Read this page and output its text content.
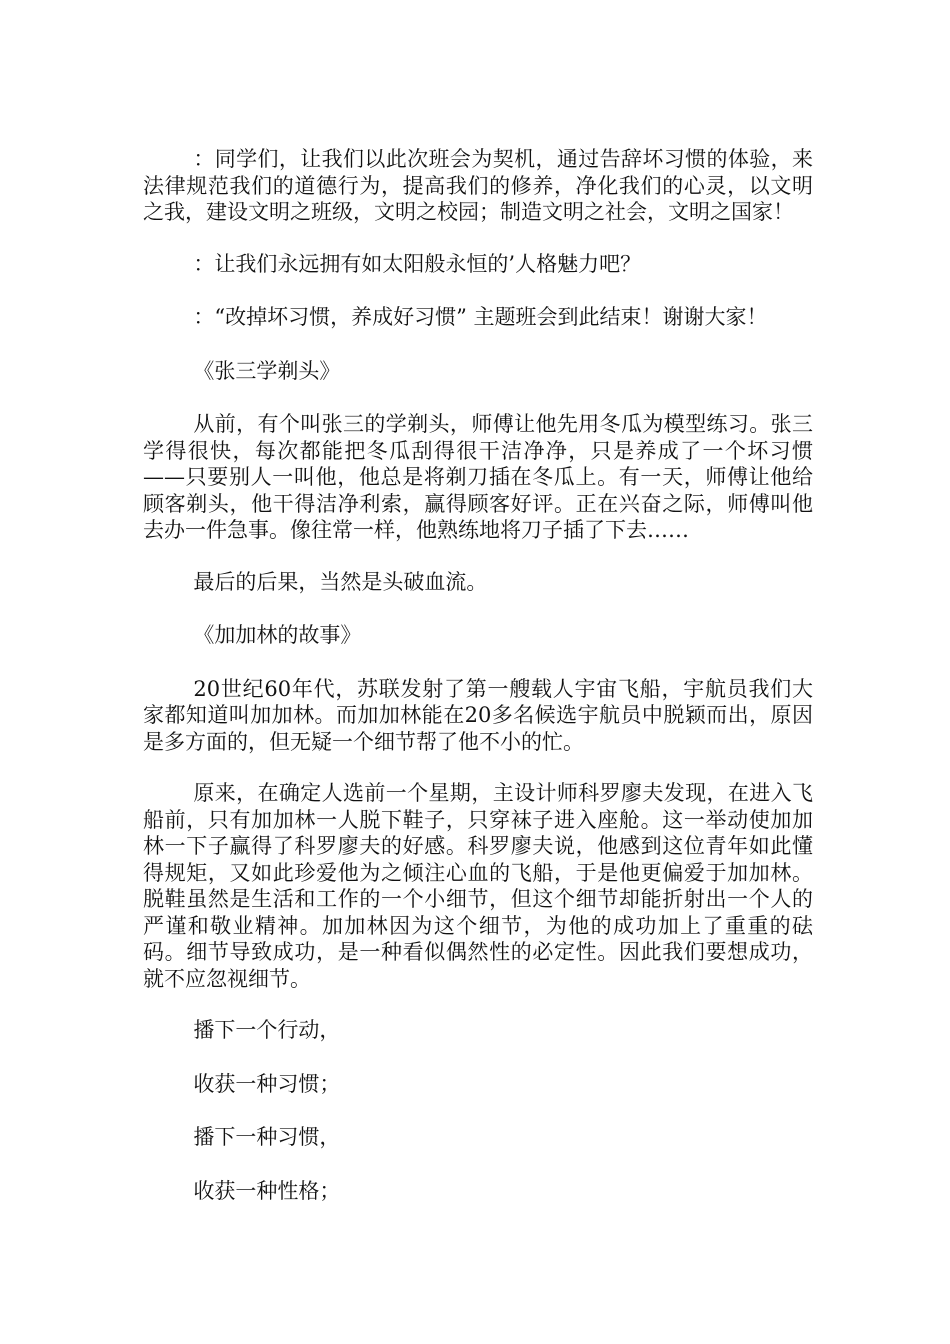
：同学们，让我们以此次班会为契机，通过告辞坏习惯的体验，来法律规范我们的道德行为，提高我们的修养，净化我们的心灵，以文明之我，建设文明之班级，文明之校园；制造文明之社会，文明之国家！

：让我们永远拥有如太阳般永恒的’人格魅力吧？

：“改掉坏习惯，养成好习惯” 主题班会到此结束！谢谢大家！

《张三学剃头》

从前，有个叫张三的学剃头，师傅让他先用冬瓜为模型练习。张三学得很快，每次都能把冬瓜刮得很干洁净净，只是养成了一个坏习惯——只要别人一叫他，他总是将剃刀插在冬瓜上。有一天，师傅让他给顾客剃头，他干得洁净利索，赢得顾客好评。正在兴奋之际，师傅叫他去办一件急事。像往常一样，他熟练地将刀子插了下去……

最后的后果，当然是头破血流。

《加加林的故事》

20世纪60年代，苏联发射了第一艘载人宇宙飞船，宇航员我们大家都知道叫加加林。而加加林能在20多名候选宇航员中脱颖而出，原因是多方面的，但无疑一个细节帮了他不小的忙。

原来，在确定人选前一个星期，主设计师科罗廖夫发现，在进入飞船前，只有加加林一人脱下鞋子，只穿袜子进入座舱。这一举动使加加林一下子赢得了科罗廖夫的好感。科罗廖夫说，他感到这位青年如此懂得规矩，又如此珍爱他为之倾注心血的飞船，于是他更偏爱于加加林。脱鞋虽然是生活和工作的一个小细节，但这个细节却能折射出一个人的严谨和敬业精神。加加林因为这个细节，为他的成功加上了重重的砝码。细节导致成功，是一种看似偶然性的必定性。因此我们要想成功，就不应忽视细节。

播下一个行动，

收获一种习惯；

播下一种习惯，

收获一种性格；
